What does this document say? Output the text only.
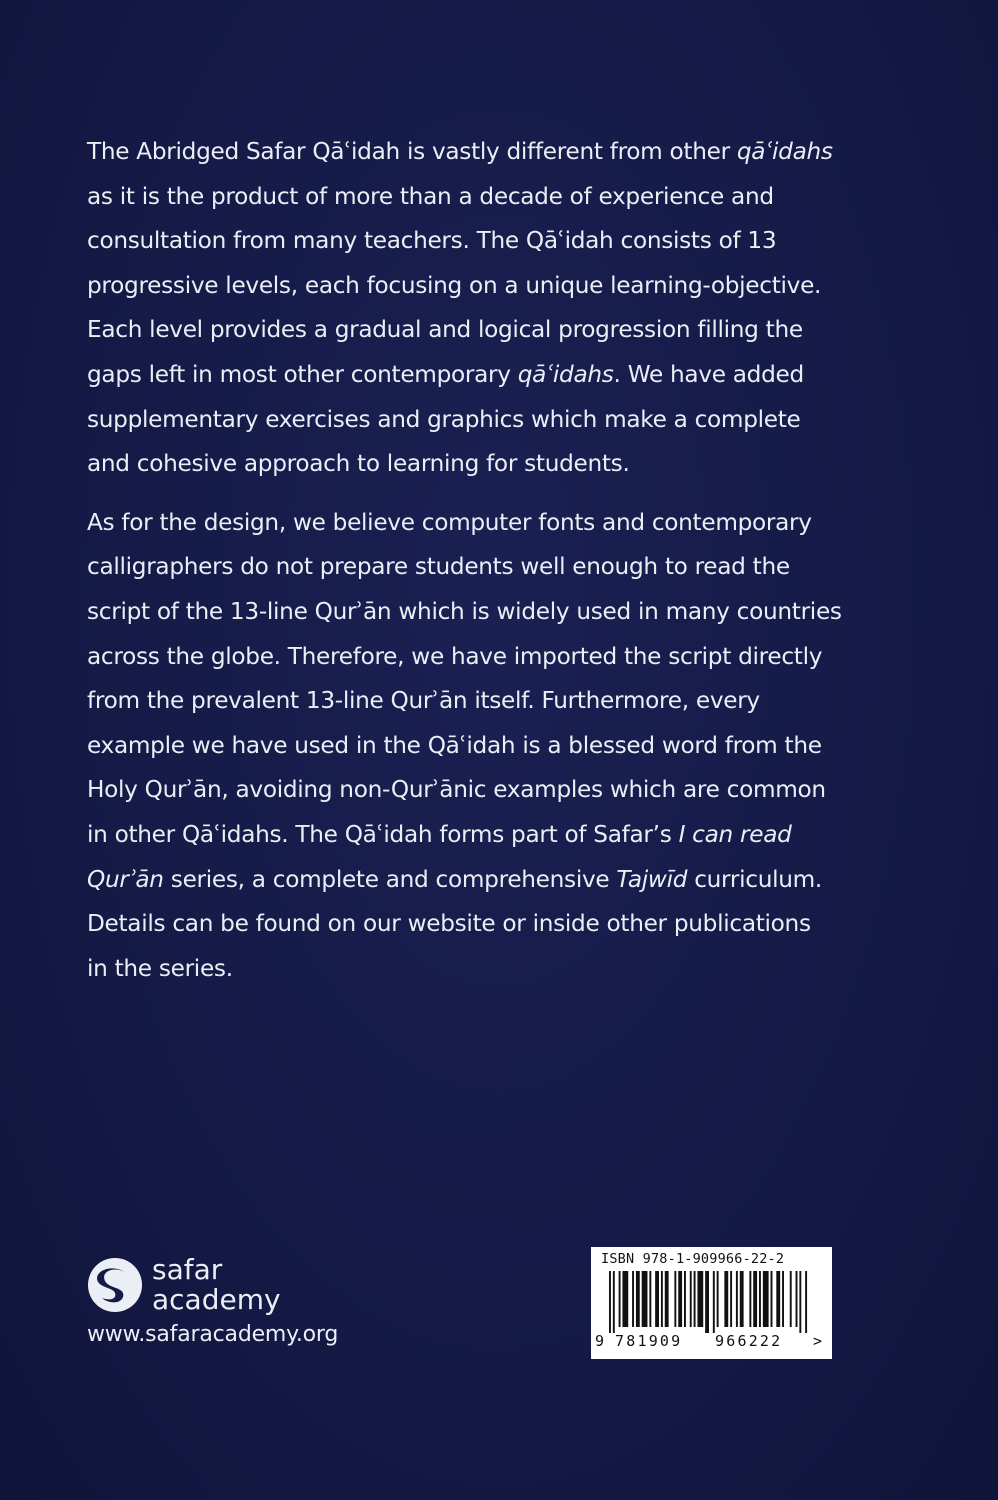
The Abridged Safar Qāʿidah is vastly different from other qāʿidahs
as it is the product of more than a decade of experience and
consultation from many teachers. The Qāʿidah consists of 13
progressive levels, each focusing on a unique learning-objective.
Each level provides a gradual and logical progression filling the
gaps left in most other contemporary qāʿidahs. We have added
supplementary exercises and graphics which make a complete
and cohesive approach to learning for students.

As for the design, we believe computer fonts and contemporary
calligraphers do not prepare students well enough to read the
script of the 13-line Qurʾān which is widely used in many countries
across the globe. Therefore, we have imported the script directly
from the prevalent 13-line Qurʾān itself. Furthermore, every
example we have used in the Qāʿidah is a blessed word from the
Holy Qurʾān, avoiding non-Qurʾānic examples which are common
in other Qāʿidahs. The Qāʿidah forms part of Safar’s I can read
Qurʾān series, a complete and comprehensive Tajwīd curriculum.
Details can be found on our website or inside other publications
in the series.

safar
academy
www.safaracademy.org
ISBN 978-1-909966-22-2
9 781909 966222 >
